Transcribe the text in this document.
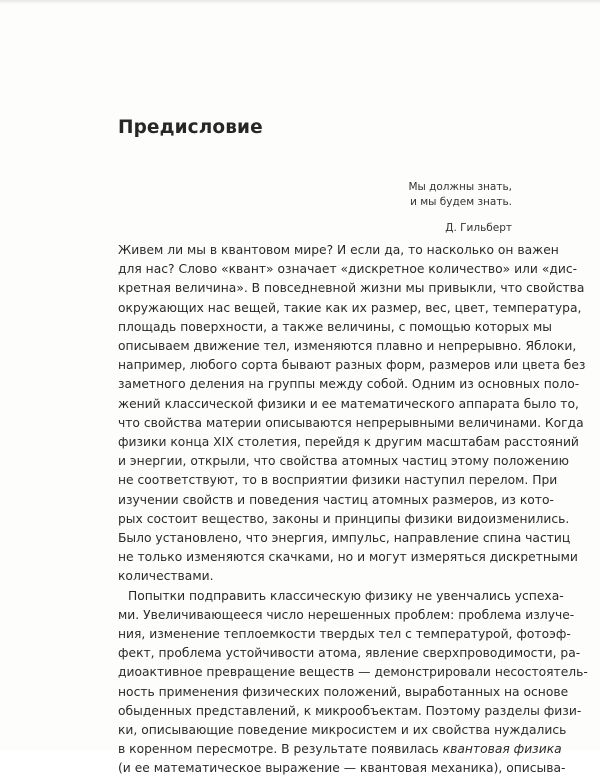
Предисловие
Мы должны знать,
и мы будем знать.
Д. Гильберт

Живем ли мы в квантовом мире? И если да, то насколько он важен
для нас? Слово «квант» означает «дискретное количество» или «дис-
кретная величина». В повседневной жизни мы привыкли, что свойства
окружающих нас вещей, такие как их размер, вес, цвет, температура,
площадь поверхности, а также величины, с помощью которых мы
описываем движение тел, изменяются плавно и непрерывно. Яблоки,
например, любого сорта бывают разных форм, размеров или цвета без
заметного деления на группы между собой. Одним из основных поло-
жений классической физики и ее математического аппарата было то,
что свойства материи описываются непрерывными величинами. Когда
физики конца XIX столетия, перейдя к другим масштабам расстояний
и энергии, открыли, что свойства атомных частиц этому положению
не соответствуют, то в восприятии физики наступил перелом. При
изучении свойств и поведения частиц атомных размеров, из кото-
рых состоит вещество, законы и принципы физики видоизменились.
Было установлено, что энергия, импульс, направление спина частиц
не только изменяются скачками, но и могут измеряться дискретными
количествами.

Попытки подправить классическую физику не увенчались успеха-
ми. Увеличивающееся число нерешенных проблем: проблема излуче-
ния, изменение теплоемкости твердых тел с температурой, фотоэф-
фект, проблема устойчивости атома, явление сверхпроводимости, ра-
диоактивное превращение веществ — демонстрировали несостоятель-
ность применения физических положений, выработанных на основе
обыденных представлений, к микрообъектам. Поэтому разделы физи-
ки, описывающие поведение микросистем и их свойства нуждались
в коренном пересмотре. В результате появилась квантовая физика
(и ее математическое выражение — квантовая механика), описыва-
